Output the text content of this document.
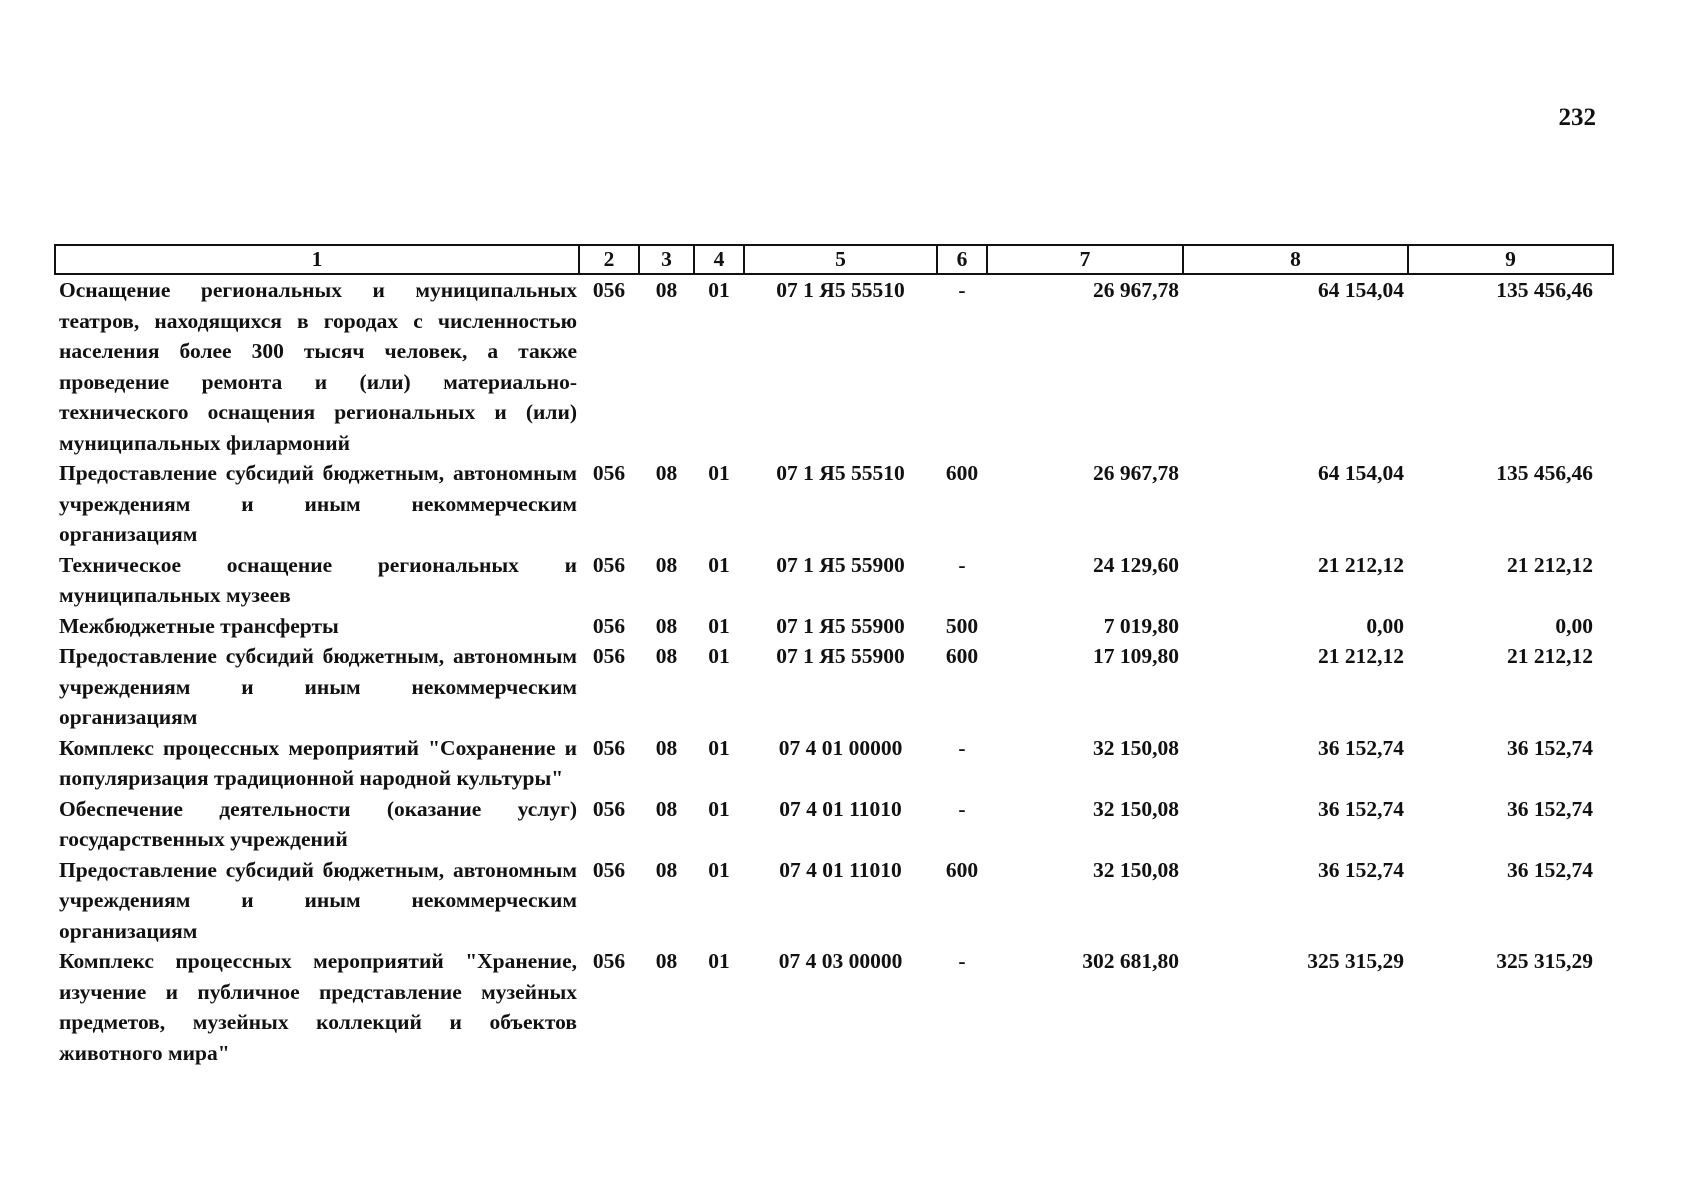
232
1	2	3	4	5	6	7	8	9
Оснащение региональных и муниципальных театров, находящихся в городах с численностью населения более 300 тысяч человек, а также проведение ремонта и (или) материально-технического оснащения региональных и (или) муниципальных филармоний	056	08	01	07 1 Я5 55510	-	26 967,78	64 154,04	135 456,46
Предоставление субсидий бюджетным, автономным учреждениям и иным некоммерческим организациям	056	08	01	07 1 Я5 55510	600	26 967,78	64 154,04	135 456,46
Техническое оснащение региональных и муниципальных музеев	056	08	01	07 1 Я5 55900	-	24 129,60	21 212,12	21 212,12
Межбюджетные трансферты	056	08	01	07 1 Я5 55900	500	7 019,80	0,00	0,00
Предоставление субсидий бюджетным, автономным учреждениям и иным некоммерческим организациям	056	08	01	07 1 Я5 55900	600	17 109,80	21 212,12	21 212,12
Комплекс процессных мероприятий "Сохранение и популяризация традиционной народной культуры"	056	08	01	07 4 01 00000	-	32 150,08	36 152,74	36 152,74
Обеспечение деятельности (оказание услуг) государственных учреждений	056	08	01	07 4 01 11010	-	32 150,08	36 152,74	36 152,74
Предоставление субсидий бюджетным, автономным учреждениям и иным некоммерческим организациям	056	08	01	07 4 01 11010	600	32 150,08	36 152,74	36 152,74
Комплекс процессных мероприятий "Хранение, изучение и публичное представление музейных предметов, музейных коллекций и объектов животного мира"	056	08	01	07 4 03 00000	-	302 681,80	325 315,29	325 315,29
